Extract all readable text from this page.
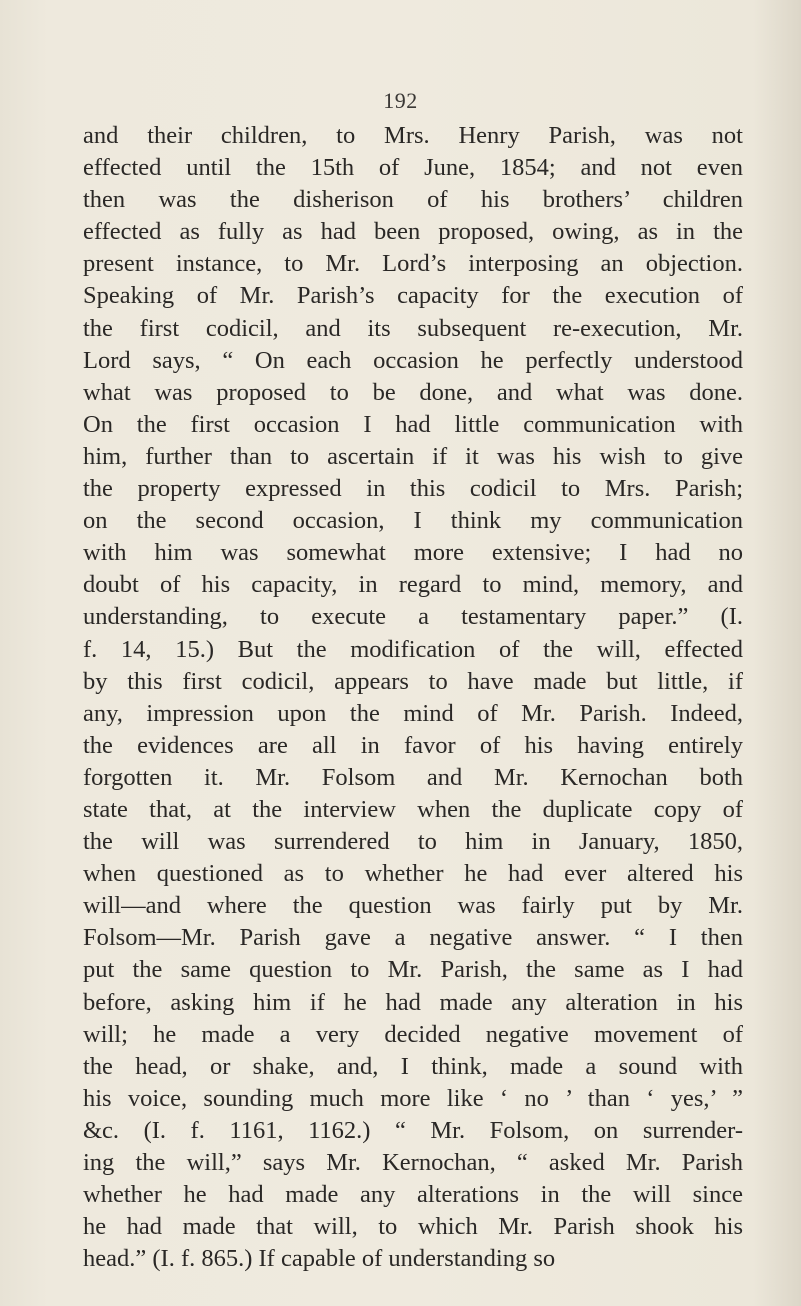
192
and their children, to Mrs. Henry Parish, was not
effected until the 15th of June, 1854; and not even
then was the disherison of his brothers’ children
effected as fully as had been proposed, owing, as in the
present instance, to Mr. Lord’s interposing an objection.
Speaking of Mr. Parish’s capacity for the execution of
the first codicil, and its subsequent re-execution, Mr.
Lord says, “ On each occasion he perfectly understood
what was proposed to be done, and what was done.
On the first occasion I had little communication with
him, further than to ascertain if it was his wish to give
the property expressed in this codicil to Mrs. Parish;
on the second occasion, I think my communication
with him was somewhat more extensive; I had no
doubt of his capacity, in regard to mind, memory, and
understanding, to execute a testamentary paper.” (I.
f. 14, 15.) But the modification of the will, effected
by this first codicil, appears to have made but little, if
any, impression upon the mind of Mr. Parish. Indeed,
the evidences are all in favor of his having entirely
forgotten it. Mr. Folsom and Mr. Kernochan both
state that, at the interview when the duplicate copy of
the will was surrendered to him in January, 1850,
when questioned as to whether he had ever altered his
will—and where the question was fairly put by Mr.
Folsom—Mr. Parish gave a negative answer. “ I then
put the same question to Mr. Parish, the same as I had
before, asking him if he had made any alteration in his
will; he made a very decided negative movement of
the head, or shake, and, I think, made a sound with
his voice, sounding much more like ‘ no ’ than ‘ yes,’ ”
&c. (I. f. 1161, 1162.) “ Mr. Folsom, on surrender-
ing the will,” says Mr. Kernochan, “ asked Mr. Parish
whether he had made any alterations in the will since
he had made that will, to which Mr. Parish shook his
head.” (I. f. 865.) If capable of understanding so
